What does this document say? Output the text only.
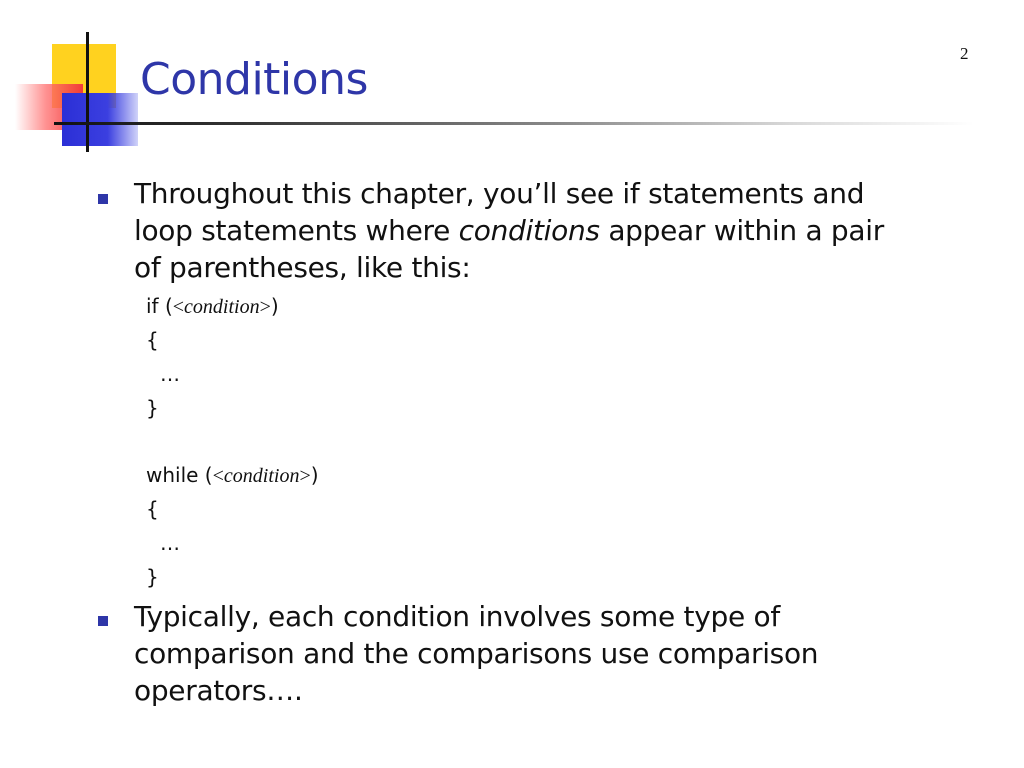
2
Conditions
Throughout this chapter, you’ll see if statements and
loop statements where conditions appear within a pair
of parentheses, like this:
if (<condition>)
{
…
}
while (<condition>)
{
…
}
Typically, each condition involves some type of
comparison and the comparisons use comparison
operators….
